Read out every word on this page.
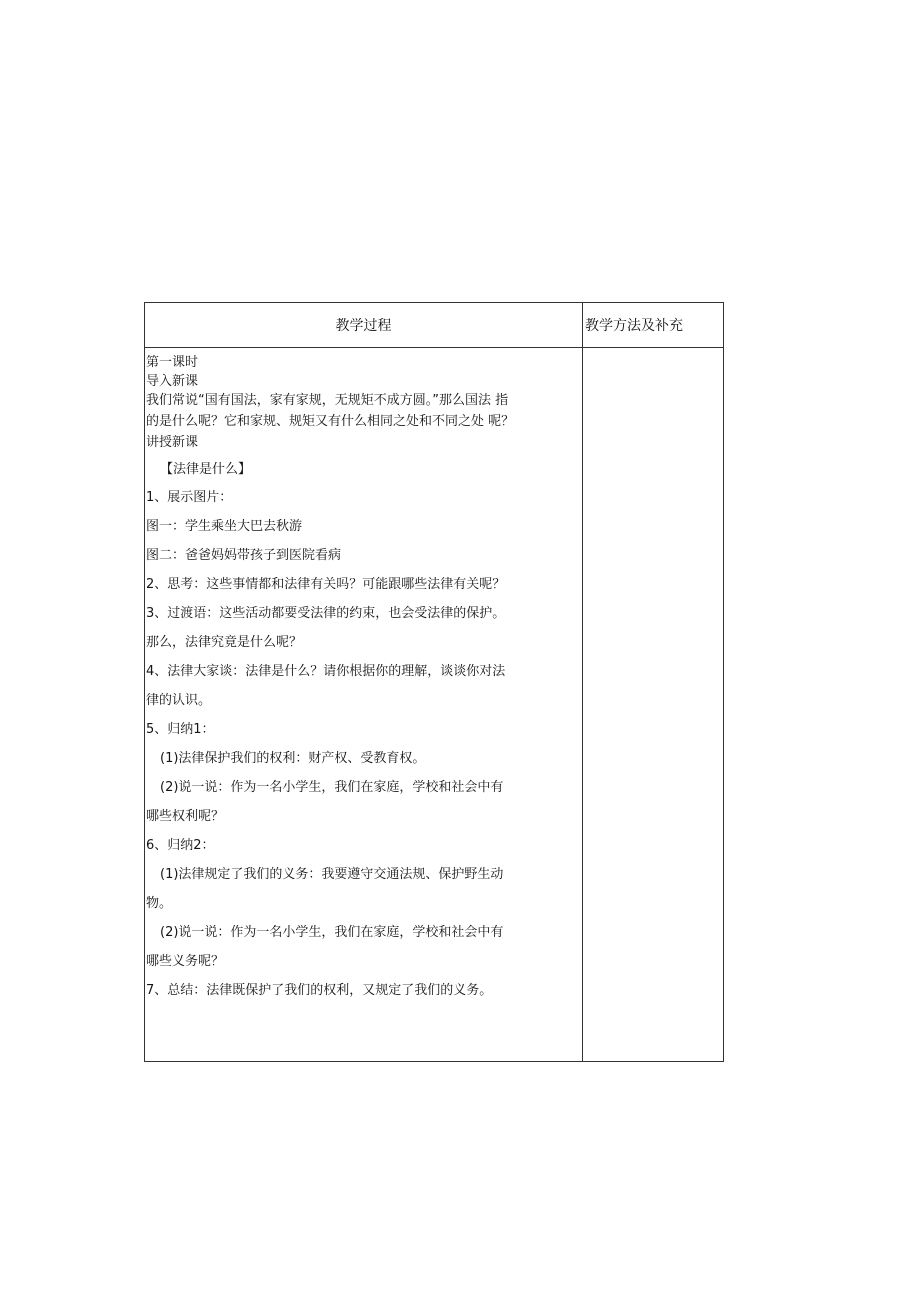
教学过程	教学方法及补充
第一课时
导入新课
我们常说“国有国法，家有家规，无规矩不成方圆。”那么国法 指
的是什么呢？它和家规、规矩又有什么相同之处和不同之处 呢？
讲授新课
【法律是什么】
1、展示图片：
图一：学生乘坐大巴去秋游
图二：爸爸妈妈带孩子到医院看病
2、思考：这些事情都和法律有关吗？可能跟哪些法律有关呢？
3、过渡语：这些活动都要受法律的约束，也会受法律的保护。
那么，法律究竟是什么呢？
4、法律大家谈：法律是什么？请你根据你的理解，谈谈你对法
律的认识。
5、归纳1：
(1)法律保护我们的权利：财产权、受教育权。
(2)说一说：作为一名小学生，我们在家庭，学校和社会中有
哪些权利呢？
6、归纳2：
(1)法律规定了我们的义务：我要遵守交通法规、保护野生动
物。
(2)说一说：作为一名小学生，我们在家庭，学校和社会中有
哪些义务呢？
7、总结：法律既保护了我们的权利，又规定了我们的义务。
